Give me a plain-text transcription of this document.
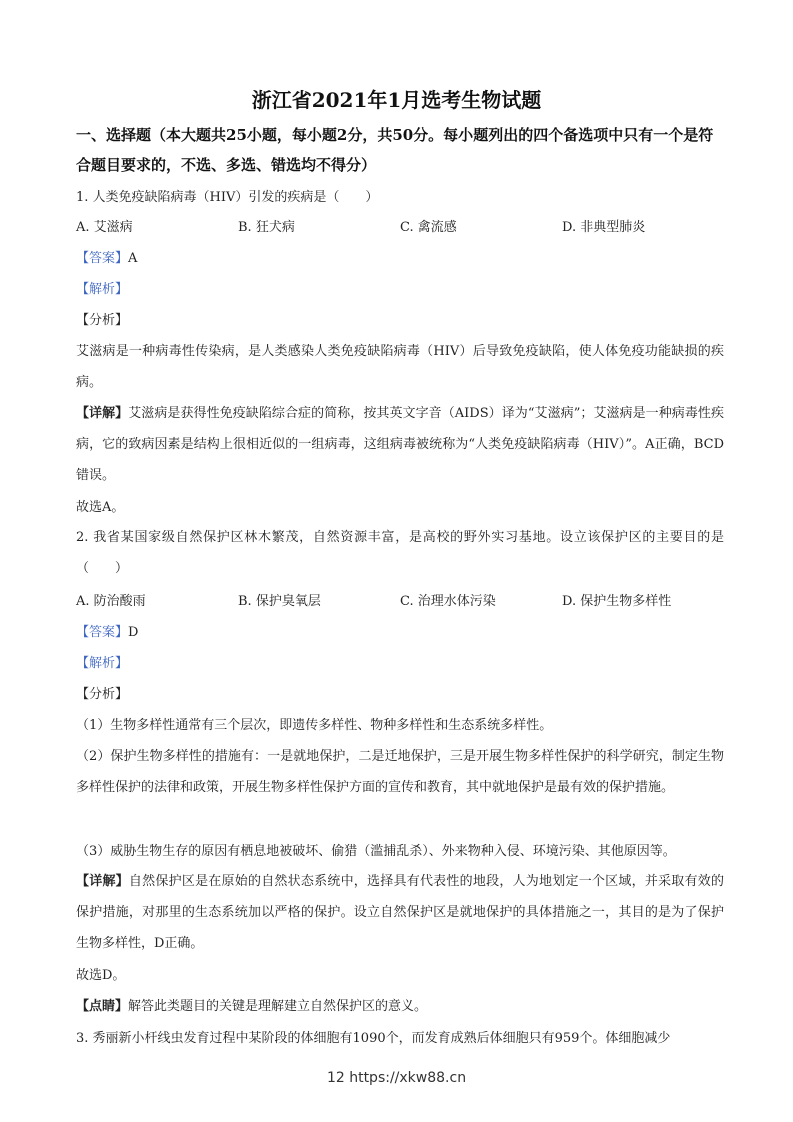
浙江省2021年1月选考生物试题
一、选择题（本大题共25小题，每小题2分，共50分。每小题列出的四个备选项中只有一个是符合题目要求的，不选、多选、错选均不得分）
1. 人类免疫缺陷病毒（HIV）引发的疾病是（　　）
A. 艾滋病	B. 狂犬病	C. 禽流感	D. 非典型肺炎
【答案】A
【解析】
【分析】
艾滋病是一种病毒性传染病，是人类感染人类免疫缺陷病毒（HIV）后导致免疫缺陷，使人体免疫功能缺损的疾病。
【详解】艾滋病是获得性免疫缺陷综合症的简称，按其英文字音（AIDS）译为“艾滋病”；艾滋病是一种病毒性疾病，它的致病因素是结构上很相近似的一组病毒，这组病毒被统称为“人类免疫缺陷病毒（HIV）”。A正确，BCD错误。
故选A。
2. 我省某国家级自然保护区林木繁茂，自然资源丰富，是高校的野外实习基地。设立该保护区的主要目的是（　　）
A. 防治酸雨	B. 保护臭氧层	C. 治理水体污染	D. 保护生物多样性
【答案】D
【解析】
【分析】
（1）生物多样性通常有三个层次，即遗传多样性、物种多样性和生态系统多样性。
（2）保护生物多样性的措施有：一是就地保护，二是迁地保护，三是开展生物多样性保护的科学研究，制定生物多样性保护的法律和政策，开展生物多样性保护方面的宣传和教育，其中就地保护是最有效的保护措施。
（3）威胁生物生存的原因有栖息地被破坏、偷猎（滥捕乱杀）、外来物种入侵、环境污染、其他原因等。
【详解】自然保护区是在原始的自然状态系统中，选择具有代表性的地段，人为地划定一个区域，并采取有效的保护措施，对那里的生态系统加以严格的保护。设立自然保护区是就地保护的具体措施之一，其目的是为了保护生物多样性，D正确。
故选D。
【点睛】解答此类题目的关键是理解建立自然保护区的意义。
3. 秀丽新小杆线虫发育过程中某阶段的体细胞有1090个，而发育成熟后体细胞只有959个。体细胞减少
12 https://xkw88.cn
